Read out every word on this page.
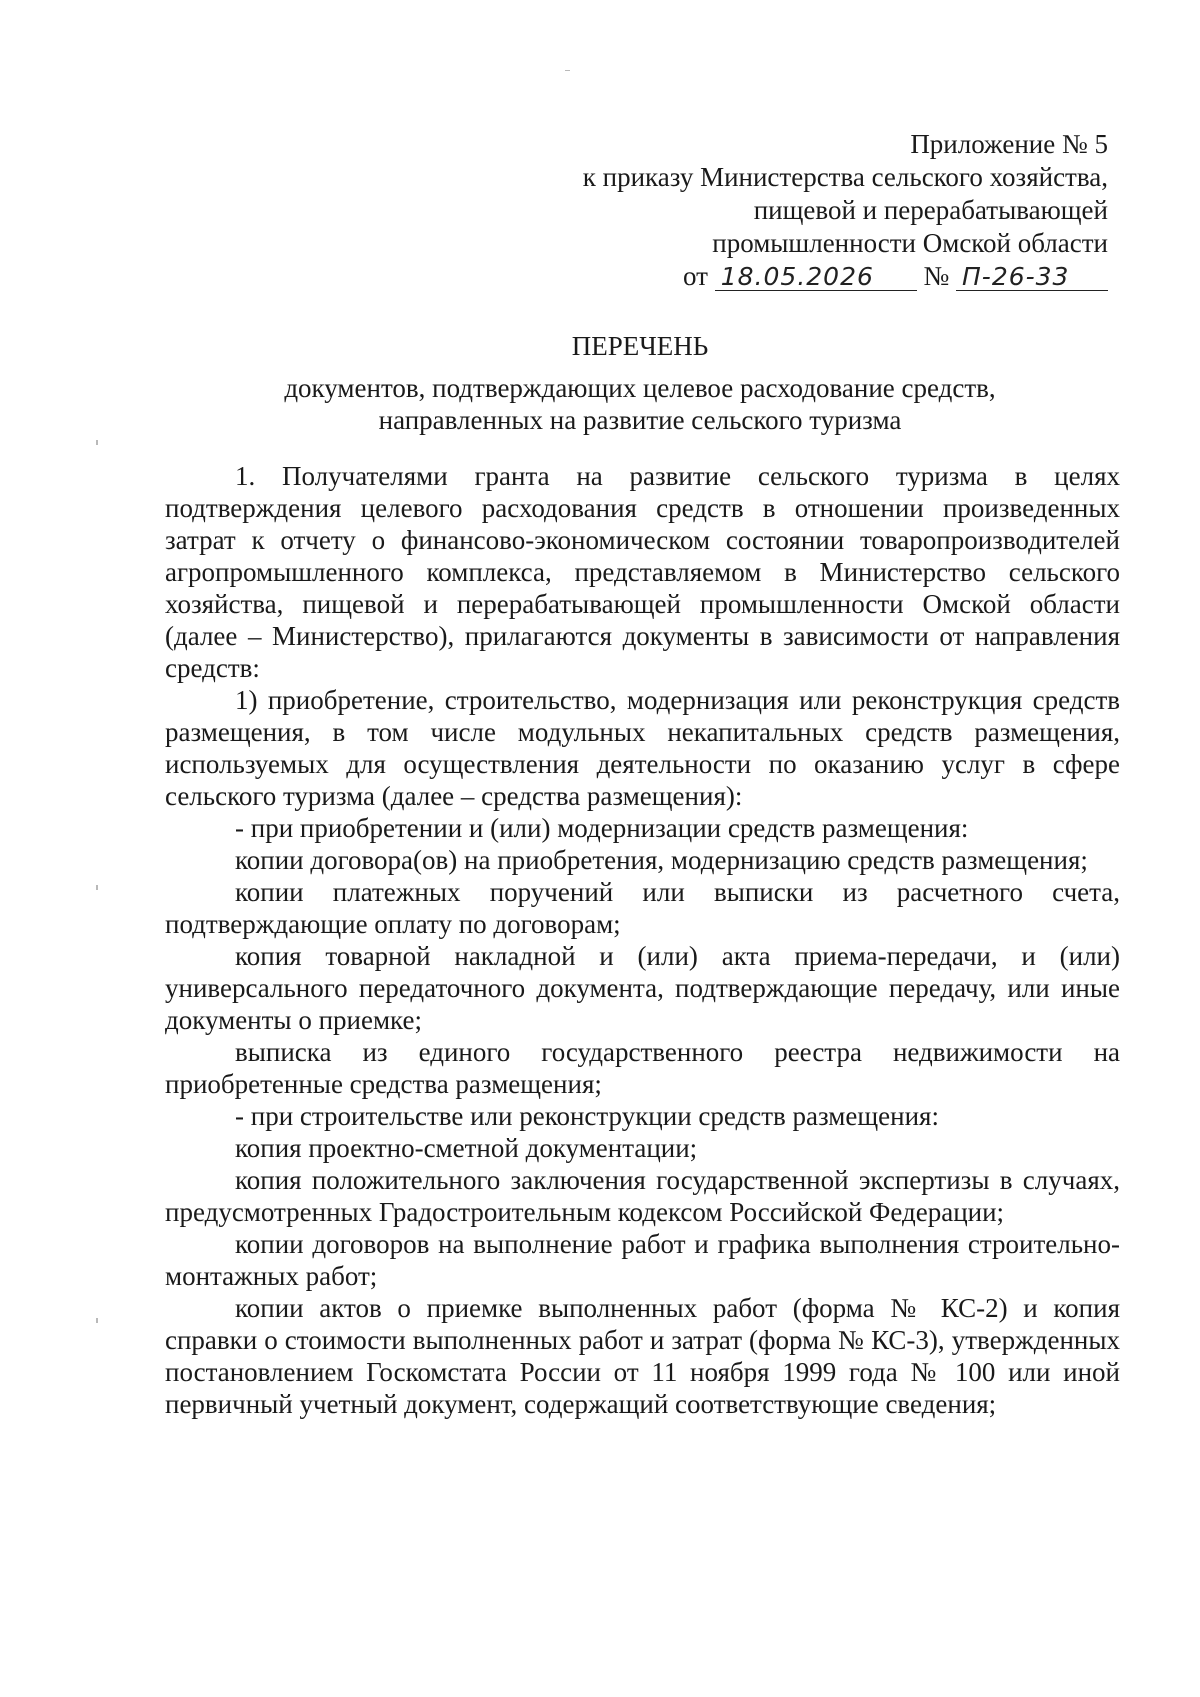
Приложение № 5
к приказу Министерства сельского хозяйства,
пищевой и перерабатывающей
промышленности Омской области
от 18.05.2026 № П-26-33
ПЕРЕЧЕНЬ
документов, подтверждающих целевое расходование средств,
направленных на развитие сельского туризма

1. Получателями гранта на развитие сельского туризма в целях подтверждения целевого расходования средств в отношении произведенных затрат к отчету о финансово-экономическом состоянии товаропроизводителей агропромышленного комплекса, представляемом в Министерство сельского хозяйства, пищевой и перерабатывающей промышленности Омской области (далее – Министерство), прилагаются документы в зависимости от направления средств:

1) приобретение, строительство, модернизация или реконструкция средств размещения, в том числе модульных некапитальных средств размещения, используемых для осуществления деятельности по оказанию услуг в сфере сельского туризма (далее – средства размещения):

- при приобретении и (или) модернизации средств размещения:

копии договора(ов) на приобретения, модернизацию средств размещения;

копии платежных поручений или выписки из расчетного счета, подтверждающие оплату по договорам;

копия товарной накладной и (или) акта приема-передачи, и (или) универсального передаточного документа, подтверждающие передачу, или иные документы о приемке;

выписка из единого государственного реестра недвижимости на приобретенные средства размещения;

- при строительстве или реконструкции средств размещения:

копия проектно-сметной документации;

копия положительного заключения государственной экспертизы в случаях, предусмотренных Градостроительным кодексом Российской Федерации;

копии договоров на выполнение работ и графика выполнения строительно-монтажных работ;

копии актов о приемке выполненных работ (форма № КС-2) и копия справки о стоимости выполненных работ и затрат (форма № КС-3), утвержденных постановлением Госкомстата России от 11 ноября 1999 года № 100 или иной первичный учетный документ, содержащий соответствующие сведения;
